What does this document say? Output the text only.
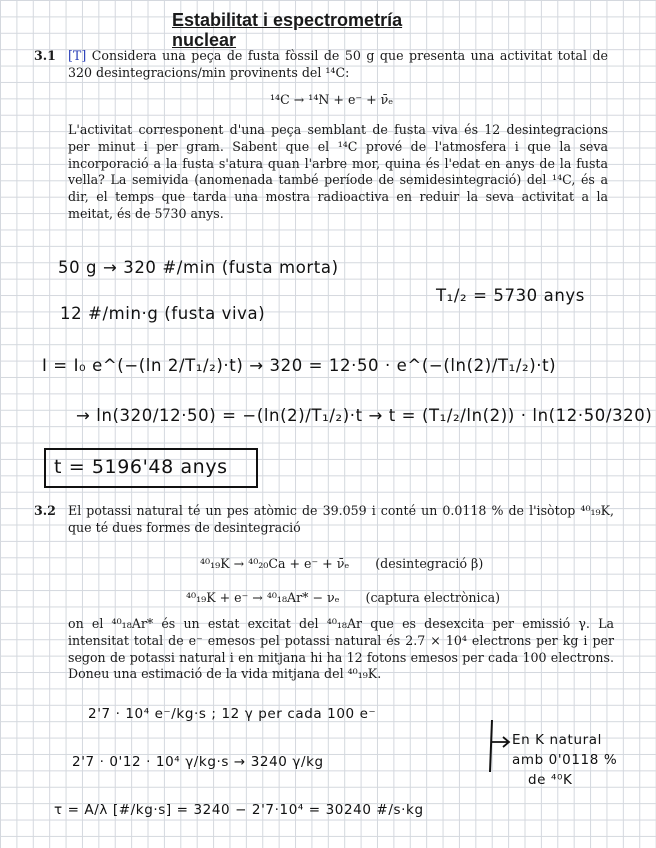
Estabilitat i espectrometría nuclear
3.1 [T] Considera una peça de fusta fòssil de 50 g que presenta una activitat total de 320 desintegracions/min provinents del ¹⁴C:
¹⁴C → ¹⁴N + e⁻ + ν̄ₑ
L'activitat corresponent d'una peça semblant de fusta viva és 12 desintegracions per minut i per gram. Sabent que el ¹⁴C prové de l'atmosfera i que la seva incorporació a la fusta s'atura quan l'arbre mor, quina és l'edat en anys de la fusta vella? La semivida (anomenada també període de semidesintegració) del ¹⁴C, és a dir, el temps que tarda una mostra radioactiva en reduir la seva activitat a la meitat, és de 5730 anys.
50 g → 320 #/min (fusta morta)
T₁/₂ = 5730 anys
12 #/min·g (fusta viva)
I = I₀ e^(−(ln 2/T₁/₂)·t) → 320 = 12·50 · e^(−(ln(2)/T₁/₂)·t)
→ ln(320/12·50) = −(ln(2)/T₁/₂)·t → t = (T₁/₂/ln(2)) · ln(12·50/320)
t = 5196'48 anys
3.2 El potassi natural té un pes atòmic de 39.059 i conté un 0.0118 % de l'isòtop ⁴⁰₁₉K, que té dues formes de desintegració
⁴⁰₁₉K → ⁴⁰₂₀Ca + e⁻ + ν̄ₑ (desintegració β)
⁴⁰₁₉K + e⁻ → ⁴⁰₁₈Ar* − νₑ (captura electrònica)
on el ⁴⁰₁₈Ar* és un estat excitat del ⁴⁰₁₈Ar que es desexcita per emissió γ. La intensitat total de e⁻ emesos pel potassi natural és 2.7 × 10⁴ electrons per kg i per segon de potassi natural i en mitjana hi ha 12 fotons emesos per cada 100 electrons. Doneu una estimació de la vida mitjana del ⁴⁰₁₉K.
2'7 · 10⁴ e⁻/kg·s ; 12 γ per cada 100 e⁻
2'7 · 0'12 · 10⁴ γ/kg·s → 3240 γ/kg
τ = A/λ [#/kg·s] = 3240 − 2'7·10⁴ = 30240 #/s·kg
En K natural
amb 0'0118 %
de ⁴⁰K
